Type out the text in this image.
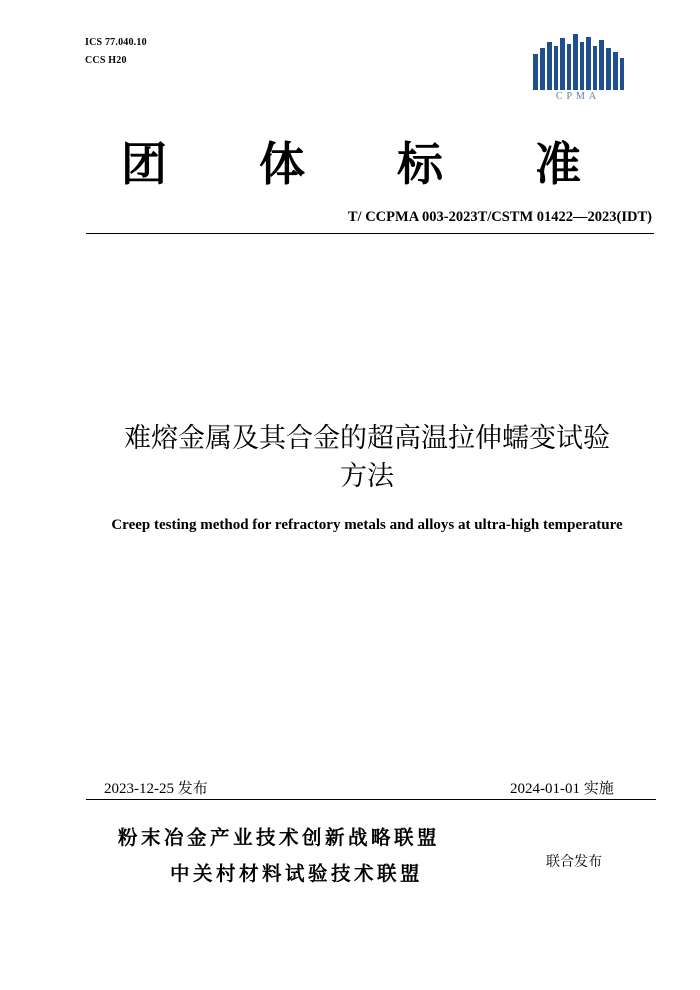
ICS 77.040.10
CCS H20
CPMA
团 体 标 准
T/ CCPMA 003-2023T/CSTM 01422—2023(IDT)
难熔金属及其合金的超高温拉伸蠕变试验
方法
Creep testing method for refractory metals and alloys at ultra-high temperature
2023-12-25 发布	2024-01-01 实施
粉末冶金产业技术创新战略联盟
中关村材料试验技术联盟	联合发布
